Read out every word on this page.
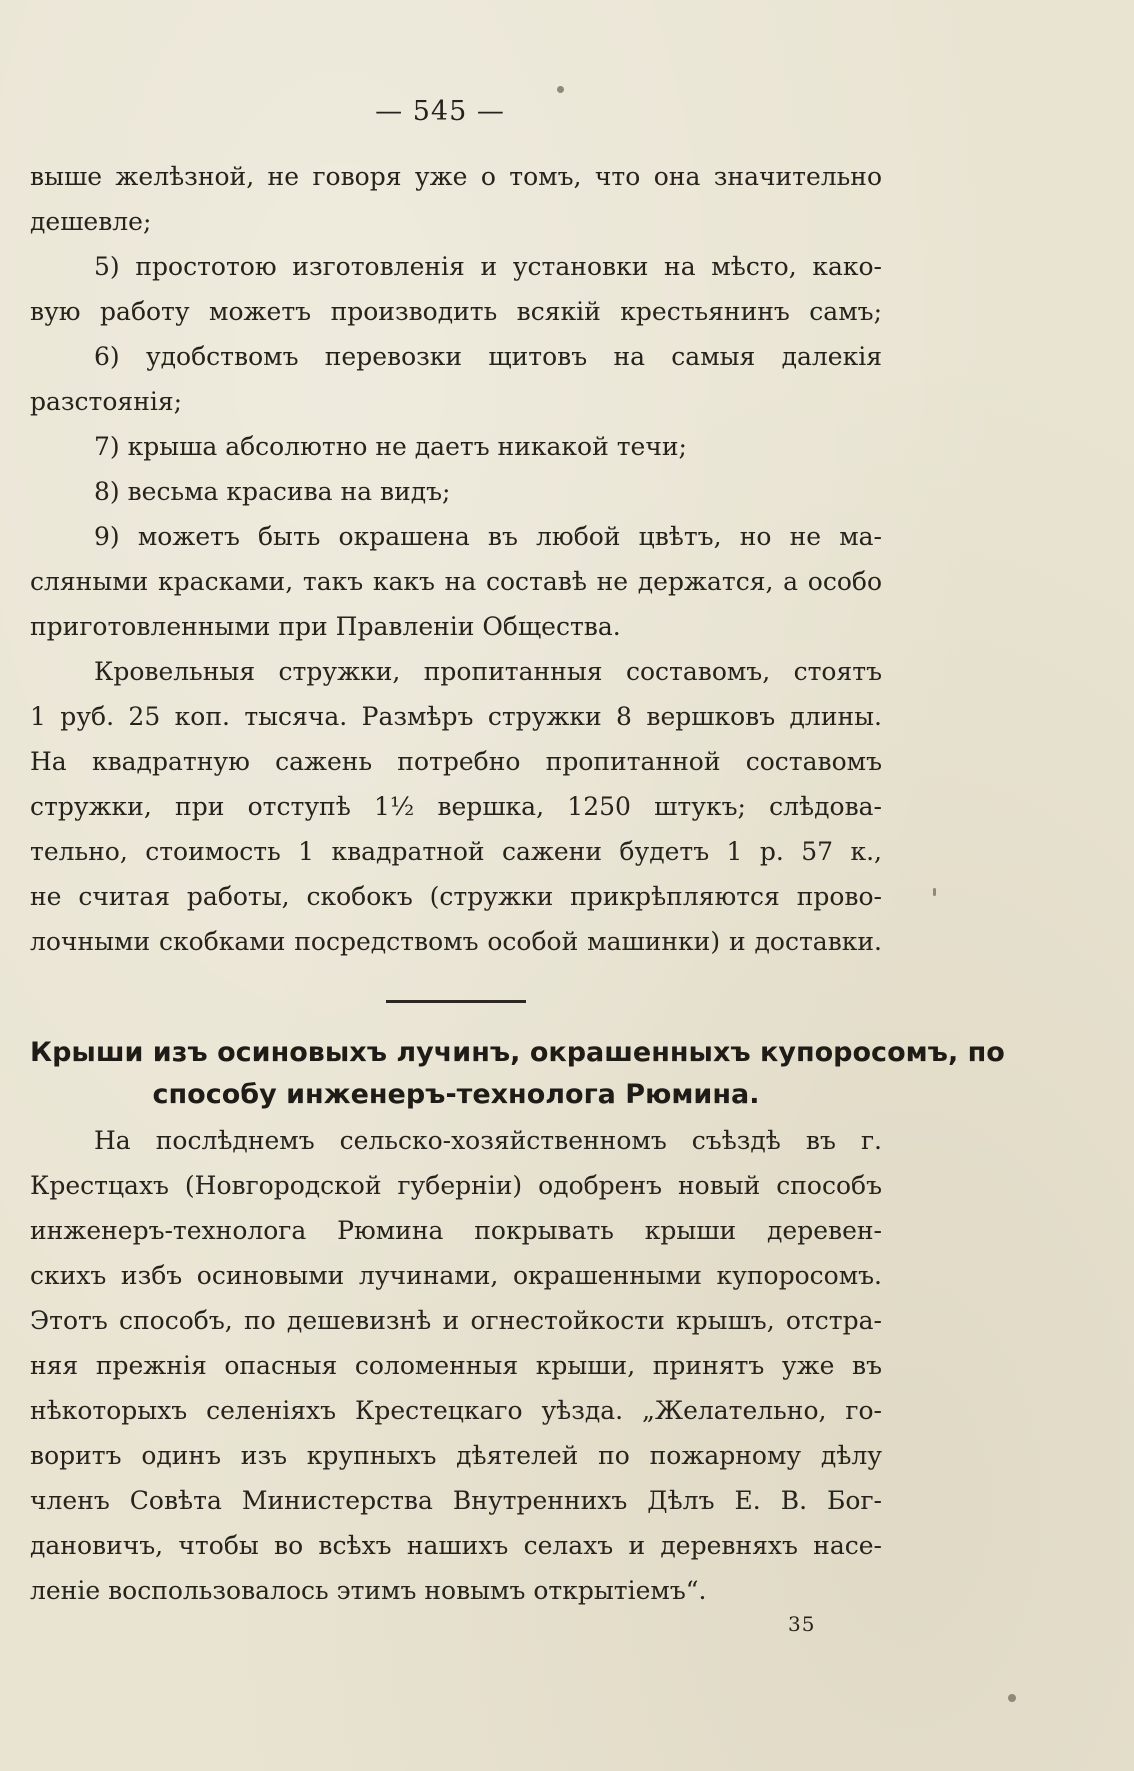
— 545 —
выше желѣзной, не говоря уже о томъ, что она значительно
дешевле;
5) простотою изготовленія и установки на мѣсто, како-
вую работу можетъ производить всякій крестьянинъ самъ;
6) удобствомъ перевозки щитовъ на самыя далекія
разстоянія;
7) крыша абсолютно не даетъ никакой течи;
8) весьма красива на видъ;
9) можетъ быть окрашена въ любой цвѣтъ, но не ма-
сляными красками, такъ какъ на составѣ не держатся, а особо
приготовленными при Правленіи Общества.
Кровельныя стружки, пропитанныя составомъ, стоятъ
1 руб. 25 коп. тысяча. Размѣръ стружки 8 вершковъ длины.
На квадратную сажень потребно пропитанной составомъ
стружки, при отступѣ 1½ вершка, 1250 штукъ; слѣдова-
тельно, стоимость 1 квадратной сажени будетъ 1 р. 57 к.,
не считая работы, скобокъ (стружки прикрѣпляются прово-
лочными скобками посредствомъ особой машинки) и доставки.
Крыши изъ осиновыхъ лучинъ, окрашенныхъ купоросомъ, по
способу инженеръ-технолога Рюмина.
На послѣднемъ сельско-хозяйственномъ съѣздѣ въ г.
Крестцахъ (Новгородской губерніи) одобренъ новый способъ
инженеръ-технолога Рюмина покрывать крыши деревен-
скихъ избъ осиновыми лучинами, окрашенными купоросомъ.
Этотъ способъ, по дешевизнѣ и огнестойкости крышъ, отстра-
няя прежнія опасныя соломенныя крыши, принятъ уже въ
нѣкоторыхъ селеніяхъ Крестецкаго уѣзда. „Желательно, го-
воритъ одинъ изъ крупныхъ дѣятелей по пожарному дѣлу
членъ Совѣта Министерства Внутреннихъ Дѣлъ Е. В. Бог-
дановичъ, чтобы во всѣхъ нашихъ селахъ и деревняхъ насе-
леніе воспользовалось этимъ новымъ открытіемъ“.
35
